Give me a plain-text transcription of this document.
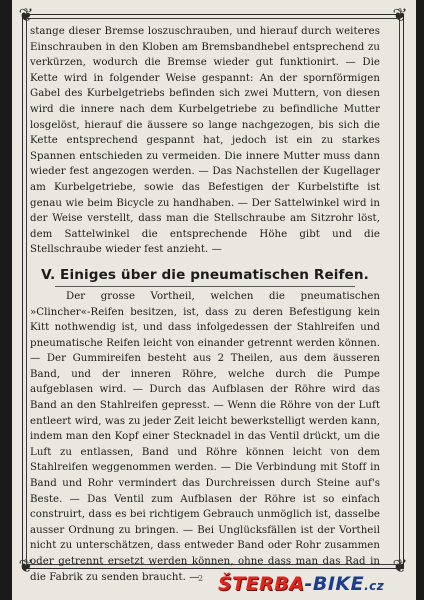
❦	❦
❦	❦

stange dieser Bremse loszuschrauben, und hierauf durch weiteres Einschrauben in den Kloben am Bremsbandhebel entsprechend zu verkürzen, wodurch die Bremse wieder gut funktionirt. — Die Kette wird in folgender Weise gespannt: An der spornförmigen Gabel des Kurbelgetriebs befinden sich zwei Muttern, von diesen wird die innere nach dem Kurbelgetriebe zu befindliche Mutter losgelöst, hierauf die äussere so lange nachgezogen, bis sich die Kette entsprechend gespannt hat, jedoch ist ein zu starkes Spannen entschieden zu vermeiden. Die innere Mutter muss dann wieder fest angezogen werden. — Das Nachstellen der Kugellager am Kurbelgetriebe, sowie das Befestigen der Kurbelstifte ist genau wie beim Bicycle zu handhaben. — Der Sattelwinkel wird in der Weise verstellt, dass man die Stellschraube am Sitzrohr löst, dem Sattelwinkel die entsprechende Höhe gibt und die Stellschraube wieder fest anzieht. —

V. Einiges über die pneumatischen Reifen.

Der grosse Vortheil, welchen die pneumatischen »Clincher«-Reifen besitzen, ist, dass zu deren Befestigung kein Kitt nothwendig ist, und dass infolgedessen der Stahlreifen und pneumatische Reifen leicht von einander getrennt werden können. — Der Gummireifen besteht aus 2 Theilen, aus dem äusseren Band, und der inneren Röhre, welche durch die Pumpe aufgeblasen wird. — Durch das Aufblasen der Röhre wird das Band an den Stahlreifen gepresst. — Wenn die Röhre von der Luft entleert wird, was zu jeder Zeit leicht bewerkstelligt werden kann, indem man den Kopf einer Stecknadel in das Ventil drückt, um die Luft zu entlassen, Band und Röhre können leicht von dem Stahlreifen weggenommen werden. — Die Verbindung mit Stoff in Band und Rohr vermindert das Durchreissen durch Steine auf's Beste. — Das Ventil zum Aufblasen der Röhre ist so einfach construirt, dass es bei richtigem Gebrauch unmöglich ist, dasselbe ausser Ordnung zu bringen. — Bei Unglücksfällen ist der Vortheil nicht zu unterschätzen, dass entweder Band oder Rohr zusammen oder getrennt ersetzt werden können, ohne dass man das Rad in die Fabrik zu senden braucht. —

2 ŠTERBA-BIKE.cz
